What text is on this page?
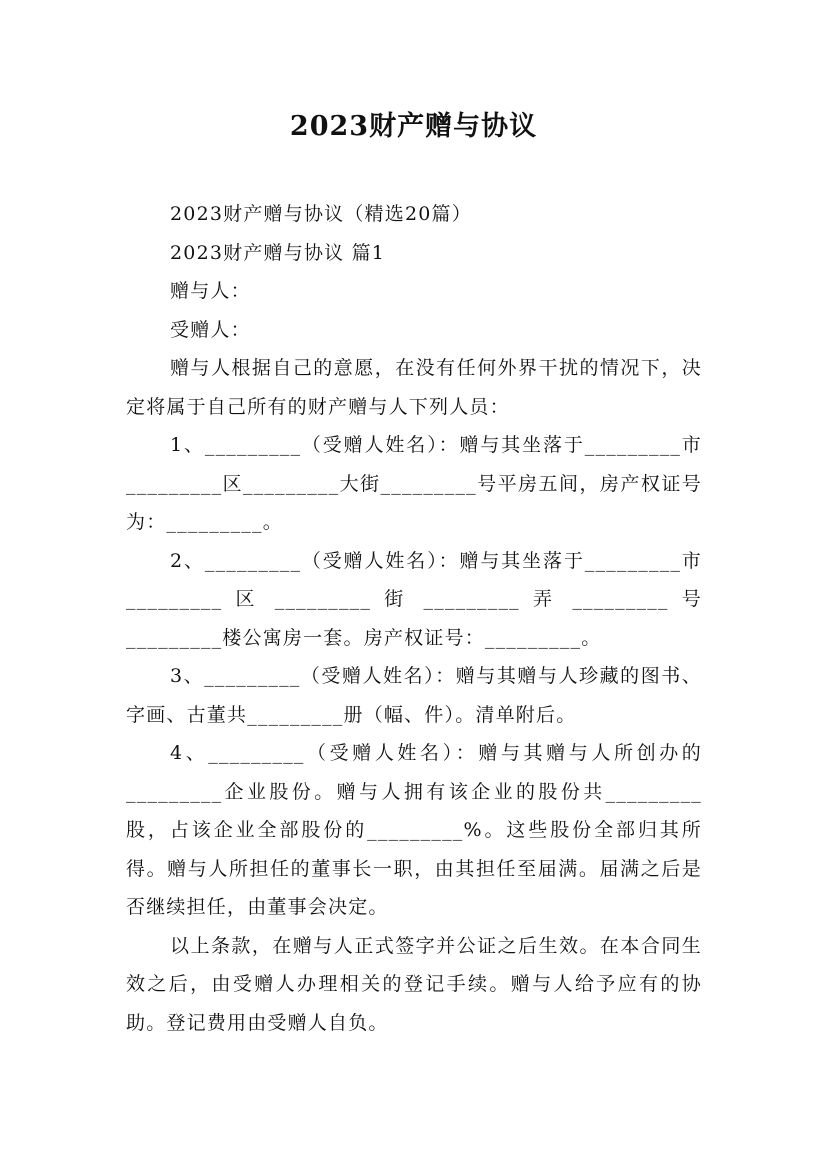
2023财产赠与协议

2023财产赠与协议（精选20篇）

2023财产赠与协议 篇1

赠与人：

受赠人：

赠与人根据自己的意愿，在没有任何外界干扰的情况下，决定将属于自己所有的财产赠与人下列人员：

1、_________（受赠人姓名）：赠与其坐落于_________市_________区_________大街_________号平房五间，房产权证号为：_________。

2、_________（受赠人姓名）：赠与其坐落于_________市 _________ 区 _________ 街 _________ 弄 _________ 号_________楼公寓房一套。房产权证号：_________。

3、_________（受赠人姓名）：赠与其赠与人珍藏的图书、字画、古董共_________册（幅、件）。清单附后。

4、_________（受赠人姓名）：赠与其赠与人所创办的_________企业股份。赠与人拥有该企业的股份共_________股，占该企业全部股份的_________%。这些股份全部归其所得。赠与人所担任的董事长一职，由其担任至届满。届满之后是否继续担任，由董事会决定。

以上条款，在赠与人正式签字并公证之后生效。在本合同生效之后，由受赠人办理相关的登记手续。赠与人给予应有的协助。登记费用由受赠人自负。
